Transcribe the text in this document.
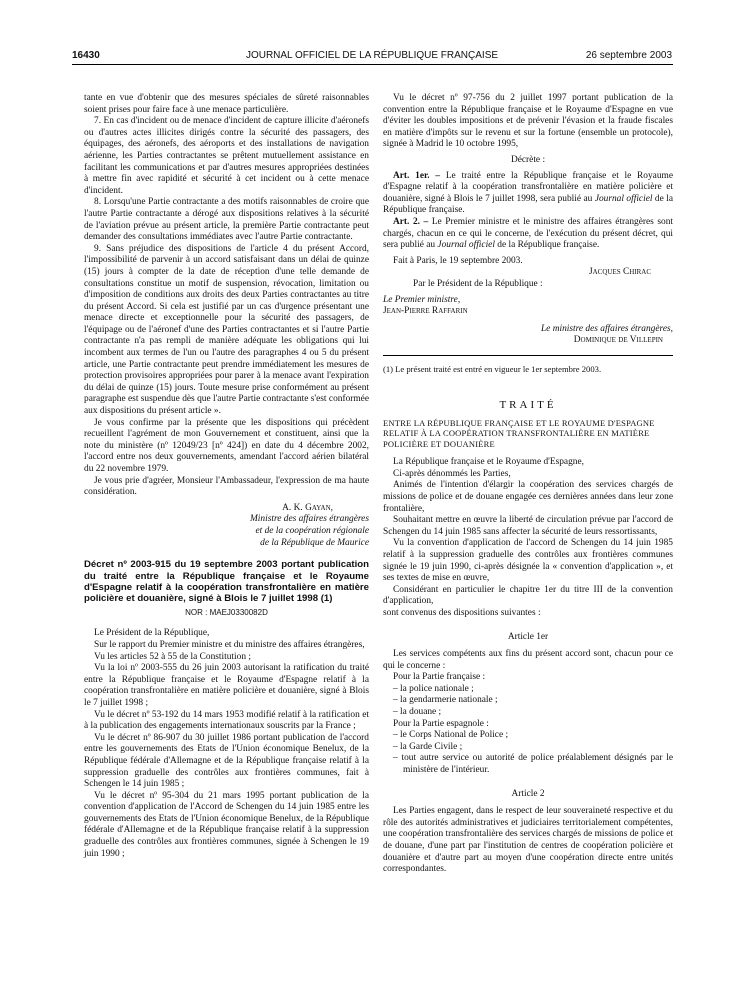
16430	JOURNAL OFFICIEL DE LA RÉPUBLIQUE FRANÇAISE	26 septembre 2003

tante en vue d'obtenir que des mesures spéciales de sûreté raisonnables soient prises pour faire face à une menace particulière.

7. En cas d'incident ou de menace d'incident de capture illicite d'aéronefs ou d'autres actes illicites dirigés contre la sécurité des passagers, des équipages, des aéronefs, des aéroports et des installations de navigation aérienne, les Parties contractantes se prêtent mutuellement assistance en facilitant les communications et par d'autres mesures appropriées destinées à mettre fin avec rapidité et sécurité à cet incident ou à cette menace d'incident.

8. Lorsqu'une Partie contractante a des motifs raisonnables de croire que l'autre Partie contractante a dérogé aux dispositions relatives à la sécurité de l'aviation prévue au présent article, la première Partie contractante peut demander des consultations immédiates avec l'autre Partie contractante.

9. Sans préjudice des dispositions de l'article 4 du présent Accord, l'impossibilité de parvenir à un accord satisfaisant dans un délai de quinze (15) jours à compter de la date de réception d'une telle demande de consultations constitue un motif de suspension, révocation, limitation ou d'imposition de conditions aux droits des deux Parties contractantes au titre du présent Accord. Si cela est justifié par un cas d'urgence présentant une menace directe et exceptionnelle pour la sécurité des passagers, de l'équipage ou de l'aéronef d'une des Parties contractantes et si l'autre Partie contractante n'a pas rempli de manière adéquate les obligations qui lui incombent aux termes de l'un ou l'autre des paragraphes 4 ou 5 du présent article, une Partie contractante peut prendre immédiatement les mesures de protection provisoires appropriées pour parer à la menace avant l'expiration du délai de quinze (15) jours. Toute mesure prise conformément au présent paragraphe est suspendue dès que l'autre Partie contractante s'est conformée aux dispositions du présent article ».

Je vous confirme par la présente que les dispositions qui précèdent recueillent l'agrément de mon Gouvernement et constituent, ainsi que la note du ministère (nº 12049/23 [nº 424]) en date du 4 décembre 2002, l'accord entre nos deux gouvernements, amendant l'accord aérien bilatéral du 22 novembre 1979.

Je vous prie d'agréer, Monsieur l'Ambassadeur, l'expression de ma haute considération.

A. K. Gayan,

Ministre des affaires étrangères

et de la coopération régionale

de la République de Maurice

Décret nº 2003-915 du 19 septembre 2003 portant publication du traité entre la République française et le Royaume d'Espagne relatif à la coopération transfrontalière en matière policière et douanière, signé à Blois le 7 juillet 1998 (1)

NOR : MAEJ0330082D

Le Président de la République,

Sur le rapport du Premier ministre et du ministre des affaires étrangères,

Vu les articles 52 à 55 de la Constitution ;

Vu la loi nº 2003-555 du 26 juin 2003 autorisant la ratification du traité entre la République française et le Royaume d'Espagne relatif à la coopération transfrontalière en matière policière et douanière, signé à Blois le 7 juillet 1998 ;

Vu le décret nº 53-192 du 14 mars 1953 modifié relatif à la ratification et à la publication des engagements internationaux souscrits par la France ;

Vu le décret nº 86-907 du 30 juillet 1986 portant publication de l'accord entre les gouvernements des Etats de l'Union économique Benelux, de la République fédérale d'Allemagne et de la République française relatif à la suppression graduelle des contrôles aux frontières communes, fait à Schengen le 14 juin 1985 ;

Vu le décret nº 95-304 du 21 mars 1995 portant publication de la convention d'application de l'Accord de Schengen du 14 juin 1985 entre les gouvernements des Etats de l'Union économique Benelux, de la République fédérale d'Allemagne et de la République française relatif à la suppression graduelle des contrôles aux frontières communes, signée à Schengen le 19 juin 1990 ;

Vu le décret nº 97-756 du 2 juillet 1997 portant publication de la convention entre la République française et le Royaume d'Espagne en vue d'éviter les doubles impositions et de prévenir l'évasion et la fraude fiscales en matière d'impôts sur le revenu et sur la fortune (ensemble un protocole), signée à Madrid le 10 octobre 1995,

Décrète :

Art. 1er. – Le traité entre la République française et le Royaume d'Espagne relatif à la coopération transfrontalière en matière policière et douanière, signé à Blois le 7 juillet 1998, sera publié au Journal officiel de la République française.

Art. 2. – Le Premier ministre et le ministre des affaires étrangères sont chargés, chacun en ce qui le concerne, de l'exécution du présent décret, qui sera publié au Journal officiel de la République française.

Fait à Paris, le 19 septembre 2003.

Jacques Chirac

Par le Président de la République :

Le Premier ministre,

Jean-Pierre Raffarin

Le ministre des affaires étrangères,

Dominique de Villepin

(1) Le présent traité est entré en vigueur le 1er septembre 2003.

TRAITÉ

ENTRE LA RÉPUBLIQUE FRANÇAISE ET LE ROYAUME D'ESPAGNE RELATIF À LA COOPÉRATION TRANSFRONTALIÈRE EN MATIÈRE POLICIÈRE ET DOUANIÈRE

La République française et le Royaume d'Espagne,

Ci-après dénommés les Parties,

Animés de l'intention d'élargir la coopération des services chargés de missions de police et de douane engagée ces dernières années dans leur zone frontalière,

Souhaitant mettre en œuvre la liberté de circulation prévue par l'accord de Schengen du 14 juin 1985 sans affecter la sécurité de leurs ressortissants,

Vu la convention d'application de l'accord de Schengen du 14 juin 1985 relatif à la suppression graduelle des contrôles aux frontières communes signée le 19 juin 1990, ci-après désignée la « convention d'application », et ses textes de mise en œuvre,

Considérant en particulier le chapitre 1er du titre III de la convention d'application,

sont convenus des dispositions suivantes :

Article 1er

Les services compétents aux fins du présent accord sont, chacun pour ce qui le concerne :

Pour la Partie française :

– la police nationale ;

– la gendarmerie nationale ;

– la douane ;

Pour la Partie espagnole :

– le Corps National de Police ;

– la Garde Civile ;

– tout autre service ou autorité de police préalablement désignés par le ministère de l'intérieur.

Article 2

Les Parties engagent, dans le respect de leur souveraineté respective et du rôle des autorités administratives et judiciaires territorialement compétentes, une coopération transfrontalière des services chargés de missions de police et de douane, d'une part par l'institution de centres de coopération policière et douanière et d'autre part au moyen d'une coopération directe entre unités correspondantes.
